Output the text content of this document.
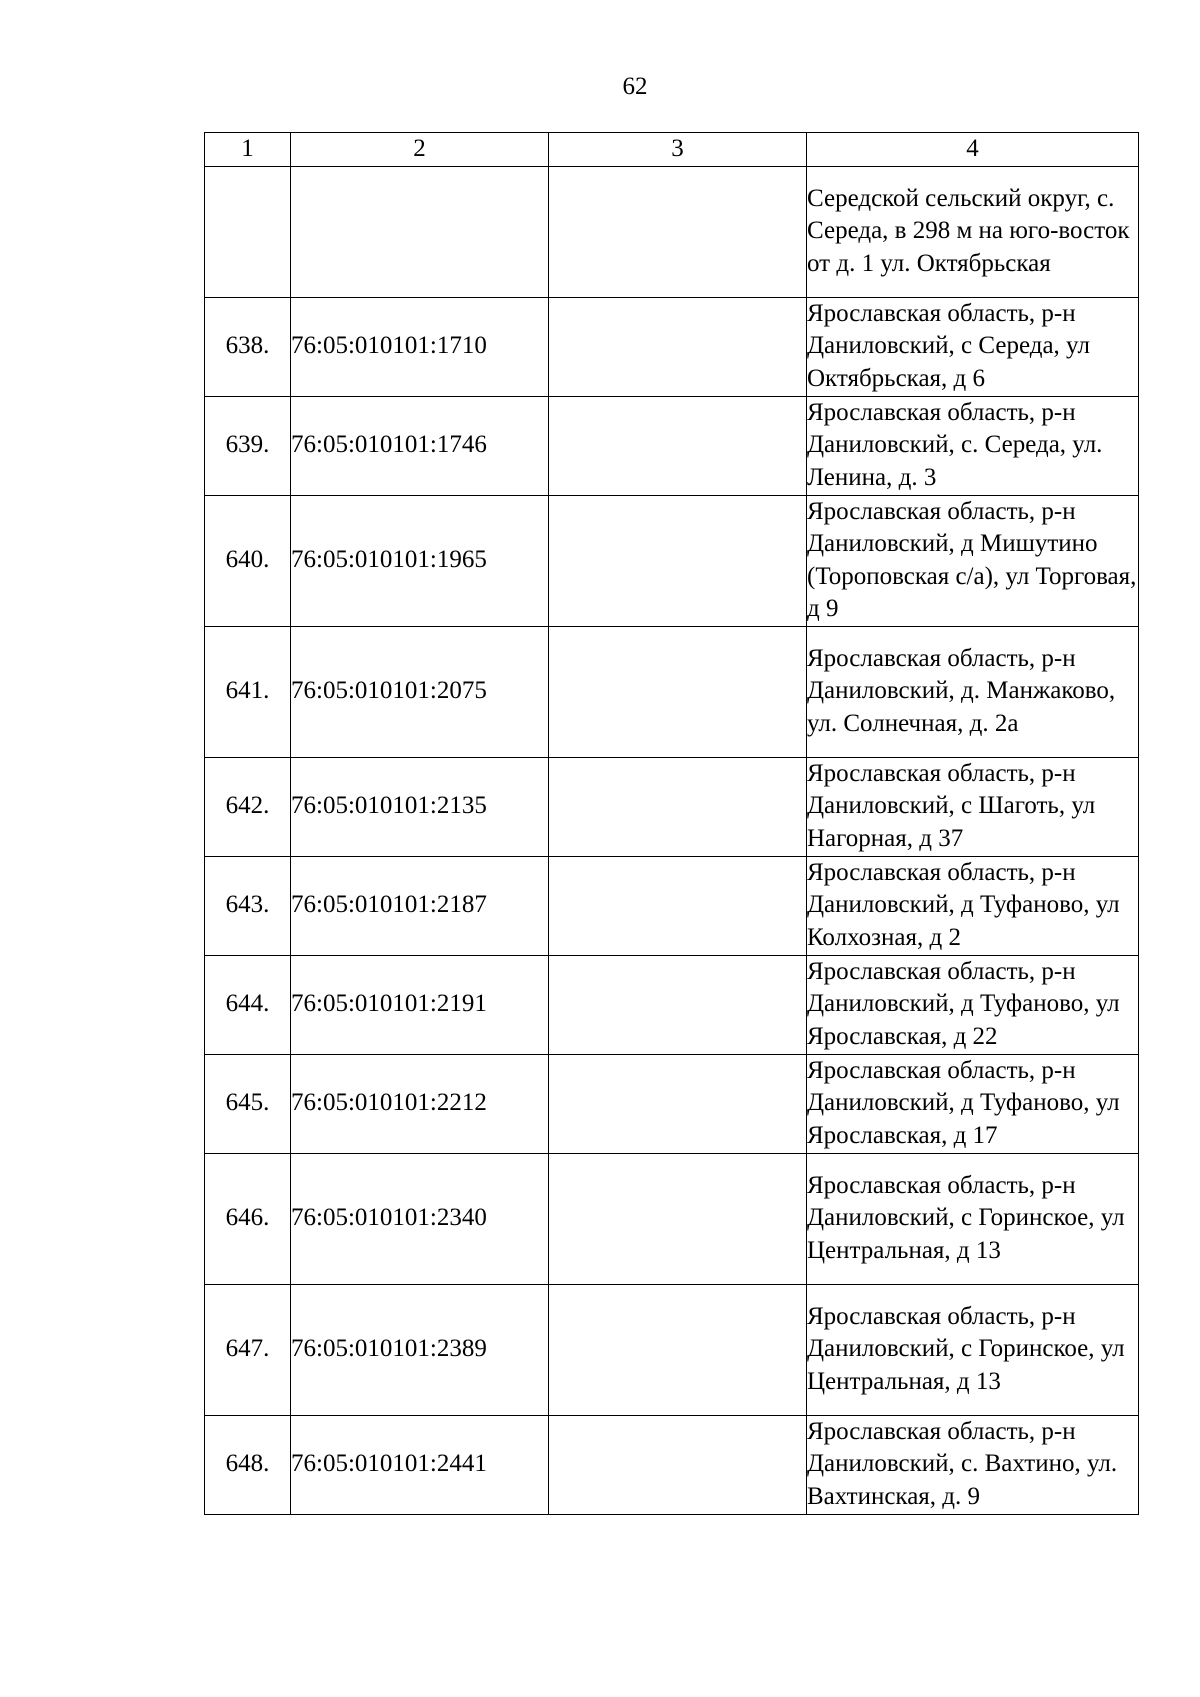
62
1	2	3	4
			Середской сельский округ, с. Середа, в 298 м на юго-восток от д. 1 ул. Октябрьская
638.	76:05:010101:1710		Ярославская область, р-н Даниловский, с Середа, ул Октябрьская, д 6
639.	76:05:010101:1746		Ярославская область, р-н Даниловский, с. Середа, ул. Ленина, д. 3
640.	76:05:010101:1965		Ярославская область, р-н Даниловский, д Мишутино (Тороповская с/а), ул Торговая, д 9
641.	76:05:010101:2075		Ярославская область, р-н Даниловский, д. Манжаково, ул. Солнечная, д. 2а
642.	76:05:010101:2135		Ярославская область, р-н Даниловский, с Шаготь, ул Нагорная, д 37
643.	76:05:010101:2187		Ярославская область, р-н Даниловский, д Туфаново, ул Колхозная, д 2
644.	76:05:010101:2191		Ярославская область, р-н Даниловский, д Туфаново, ул Ярославская, д 22
645.	76:05:010101:2212		Ярославская область, р-н Даниловский, д Туфаново, ул Ярославская, д 17
646.	76:05:010101:2340		Ярославская область, р-н Даниловский, с Горинское, ул Центральная, д 13
647.	76:05:010101:2389		Ярославская область, р-н Даниловский, с Горинское, ул Центральная, д 13
648.	76:05:010101:2441		Ярославская область, р-н Даниловский, с. Вахтино, ул. Вахтинская, д. 9
